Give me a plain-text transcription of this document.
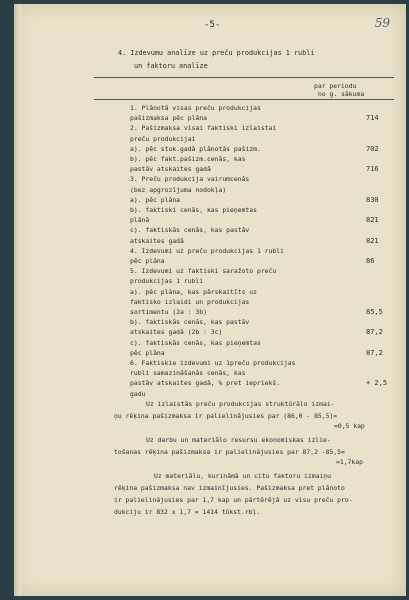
-5-	59
4. Izdevumu analīze uz preču produkcijas 1 rubli
un faktoru analīze
par periodu
no g. sākuma
1. Plānotā visas preču produkcijas
pašizmaksa pēc plāna	714
2. Pašizmaksa visai faktiski izlaistai
preču produkcijai
a). pēc stuk.gadā plānotās pašizm.	702
b). pēc fakt.pašizm.cenās, kas
pastāv atskaites gadā	716
3. Preču produkcija vairumcenās
(bez apgrozījuma nodokļa)
a). pēc plāna	830
b). faktiski cenās, kas pieņemtas
plānā	821
c). faktiskās cenās, kas pastāv
atskaites gadā	821
4. Izdevumi uz preču produkcijas 1 rubli
pēc plāna	86
5. Izdevumi uz faktiski saražoto preču
produkcijas 1 rubli
a). pēc plāna, kas pārskaitīts uz
faktisko izlaidi un produkcijas
sortimentu (2a : 3b)	85,5
b). faktiskās cenās, kas pastāv
atskaites gadā (2b : 3c)	87,2
c). faktiskās cenās, kas pieņemtas
pēc plāna	87,2
6. Faktiskie izdevumi uz 1preču produkcijas
rubli samazināšanās cenās, kas
pastāv atskaites gadā, % pret iepriekš.	+ 2,5
gadu
Uz izlaistās preču produkcijas struktūrālo izmai-
ņu rēķina pašizmaksa ir palielinājusies par (86,0 - 85,5)=
=0,5 kap
Uz darbu un materiālo resursu ekonomiskas izlie-
tošanas rēķina pašizmaksa ir palielinājusies par 87,2 -85,5=
=1,7kap
Uz materiālu, kurināmā un citu faktoru izmaiņu
rēķina pašizmaksa nav izmainījusies. Pašizmaksa pret plānoto
ir palielinājusies par 1,7 kap un pārtērējā uz visu preču pro-
dukciju ir 832 x 1,7 = 1414 tūkst.rbļ.
